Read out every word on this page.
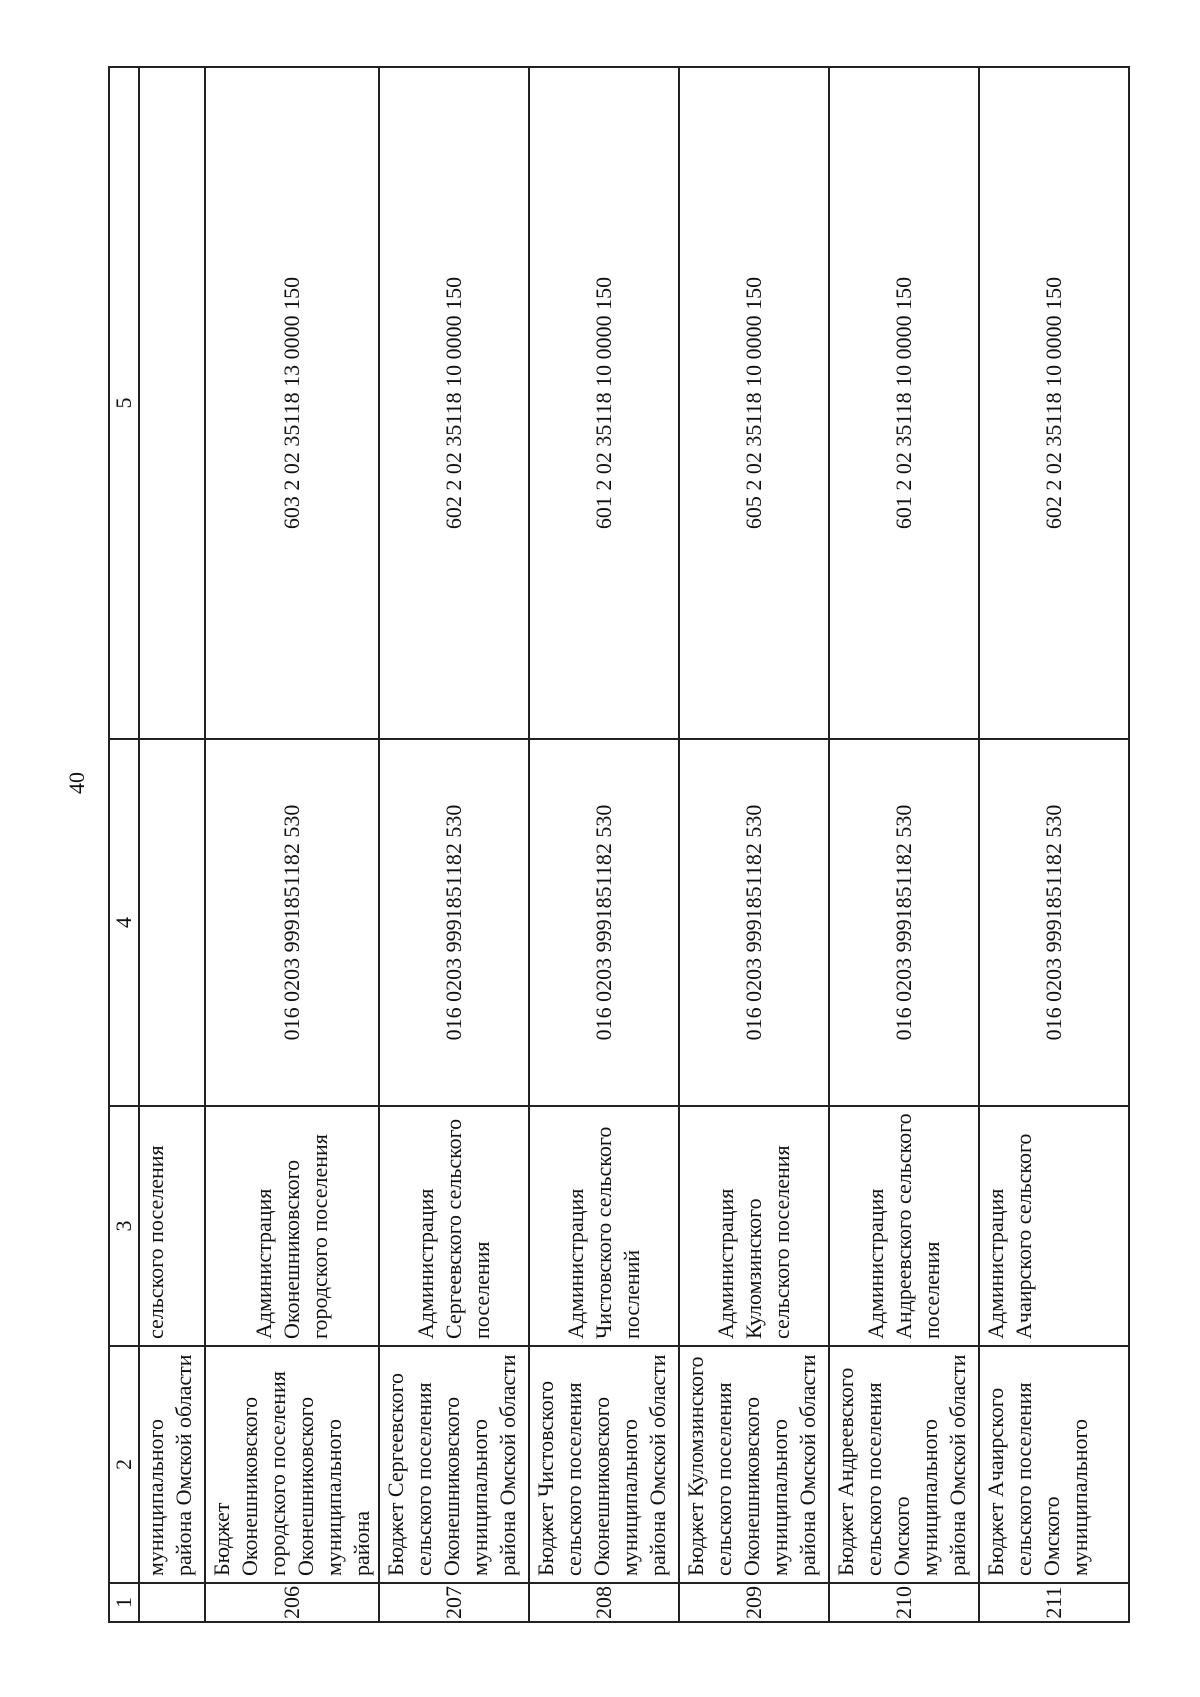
40
1	2	3	4	5
	муниципального района Омской области	сельского поселения		
206	Бюджет Оконешниковского городского поселения Оконешниковского муниципального района	Администрация Оконешниковского городского поселения	016 0203 9991851182 530	603 2 02 35118 13 0000 150
207	Бюджет Сергеевского сельского поселения Оконешниковского муниципального района Омской области	Администрация Сергеевского сельского поселения	016 0203 9991851182 530	602 2 02 35118 10 0000 150
208	Бюджет Чистовского сельского поселения Оконешниковского муниципального района Омской области	Администрация Чистовского сельского послений	016 0203 9991851182 530	601 2 02 35118 10 0000 150
209	Бюджет Куломзинского сельского поселения Оконешниковского муниципального района Омской области	Администрация Куломзинского сельского поселения	016 0203 9991851182 530	605 2 02 35118 10 0000 150
210	Бюджет Андреевского сельского поселения Омского муниципального района Омской области	Администрация Андреевского сельского поселения	016 0203 9991851182 530	601 2 02 35118 10 0000 150
211	Бюджет Ачаирского сельского поселения Омского муниципального	Администрация Ачаирского сельского	016 0203 9991851182 530	602 2 02 35118 10 0000 150
